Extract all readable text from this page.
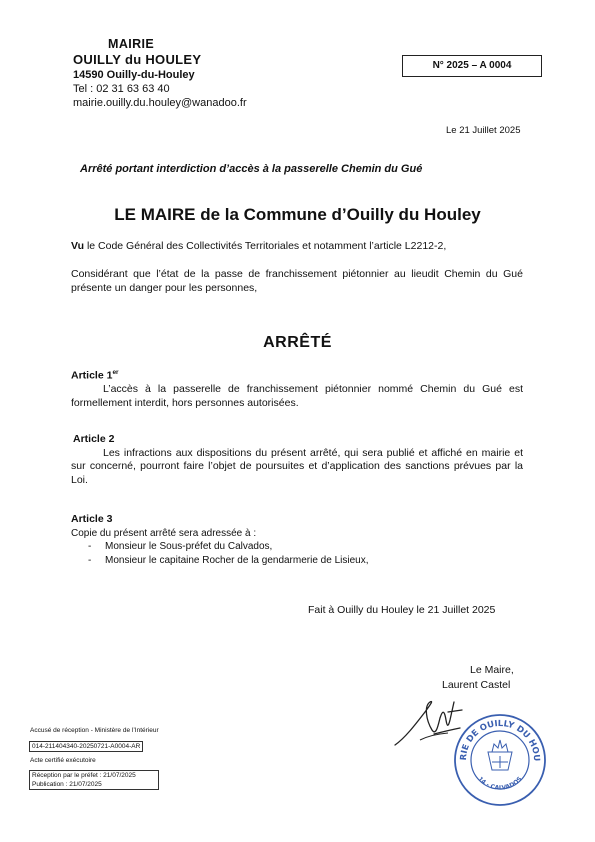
MAIRIE
OUILLY du HOULEY
14590 Ouilly-du-Houley
Tel : 02 31 63 63 40
mairie.ouilly.du.houley@wanadoo.fr
N° 2025 – A 0004
Le 21 Juillet 2025
Arrêté portant interdiction d’accès à la passerelle Chemin du Gué
LE MAIRE de la Commune d’Ouilly du Houley
Vu le Code Général des Collectivités Territoriales et notamment l’article L2212-2,
Considérant que l’état de la passe de franchissement piétonnier au lieudit Chemin du Gué présente un danger pour les personnes,
ARRÊTÉ
Article 1er
L’accès à la passerelle de franchissement piétonnier nommé Chemin du Gué est formellement interdit, hors personnes autorisées.
Article 2
Les infractions aux dispositions du présent arrêté, qui sera publié et affiché en mairie et sur concerné, pourront faire l’objet de poursuites et d’application des sanctions prévues par la Loi.
Article 3
Copie du présent arrêté sera adressée à :
- Monsieur le Sous-préfet du Calvados,
- Monsieur le capitaine Rocher de la gendarmerie de Lisieux,
Fait à Ouilly du Houley le 21 Juillet 2025
Le Maire,
Laurent Castel
RIE DE OUILLY DU HOU
14 - CALVADOS
Accusé de réception - Ministère de l’Intérieur
014-211404340-20250721-A0004-AR
Acte certifié exécutoire
Réception par le préfet : 21/07/2025
Publication : 21/07/2025
